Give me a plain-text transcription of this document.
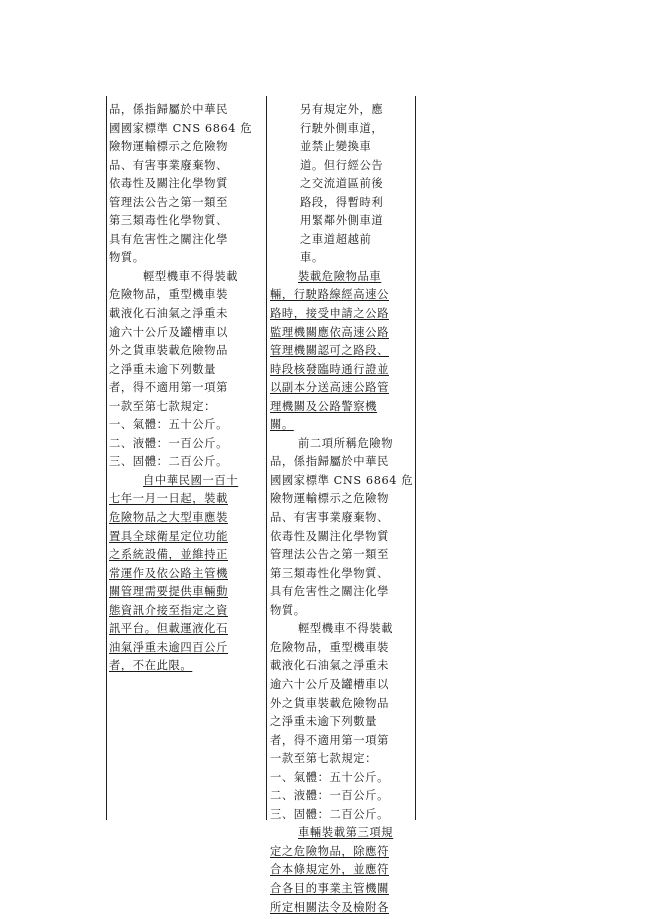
品，係指歸屬於中華民
國國家標準 CNS 6864 危
險物運輸標示之危險物
品、有害事業廢棄物、
依毒性及關注化學物質
管理法公告之第一類至
第三類毒性化學物質、
具有危害性之關注化學
物質。
輕型機車不得裝載
危險物品，重型機車裝
載液化石油氣之淨重未
逾六十公斤及罐槽車以
外之貨車裝載危險物品
之淨重未逾下列數量
者，得不適用第一項第
一款至第七款規定：
一、氣體：五十公斤。
二、液體：一百公斤。
三、固體：二百公斤。
自中華民國一百十
七年一月一日起，裝載
危險物品之大型車應裝
置具全球衛星定位功能
之系統設備，並維持正
常運作及依公路主管機
關管理需要提供車輛動
態資訊介接至指定之資
訊平台。但載運液化石
油氣淨重未逾四百公斤
者，不在此限。
另有規定外，應
行駛外側車道，
並禁止變換車
道。但行經公告
之交流道區前後
路段，得暫時利
用緊鄰外側車道
之車道超越前
車。
裝載危險物品車
輛，行駛路線經高速公
路時，接受申請之公路
監理機關應依高速公路
管理機關認可之路段、
時段核發臨時通行證並
以副本分送高速公路管
理機關及公路警察機
關。
前二項所稱危險物
品，係指歸屬於中華民
國國家標準 CNS 6864 危
險物運輸標示之危險物
品、有害事業廢棄物、
依毒性及關注化學物質
管理法公告之第一類至
第三類毒性化學物質、
具有危害性之關注化學
物質。
輕型機車不得裝載
危險物品，重型機車裝
載液化石油氣之淨重未
逾六十公斤及罐槽車以
外之貨車裝載危險物品
之淨重未逾下列數量
者，得不適用第一項第
一款至第七款規定：
一、氣體：五十公斤。
二、液體：一百公斤。
三、固體：二百公斤。
車輛裝載第三項規
定之危險物品，除應符
合本條規定外，並應符
合各目的事業主管機關
所定相關法令及檢附各
